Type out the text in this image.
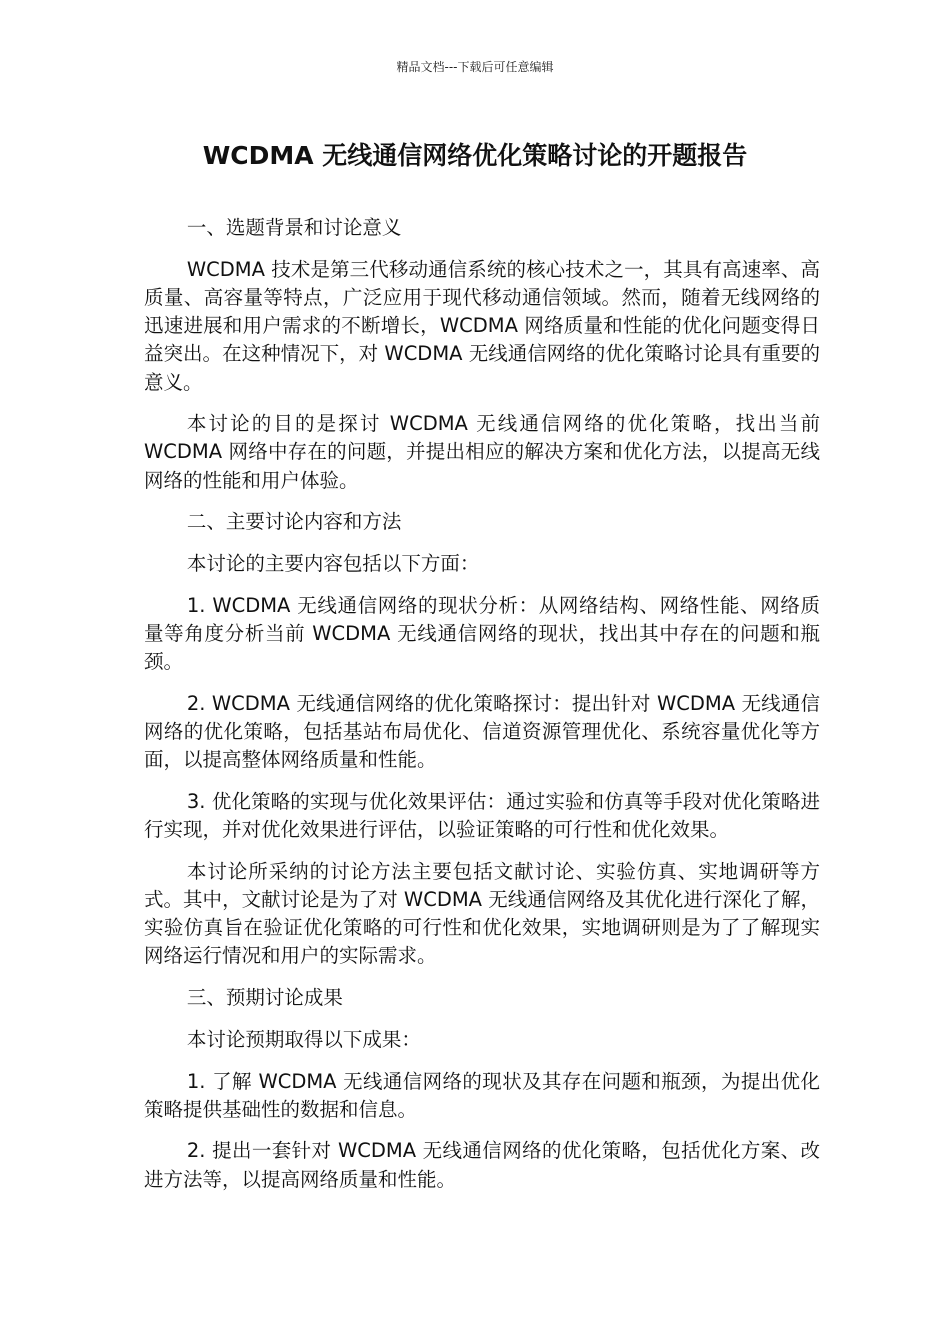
精品文档---下载后可任意编辑
WCDMA 无线通信网络优化策略讨论的开题报告

一、选题背景和讨论意义

WCDMA 技术是第三代移动通信系统的核心技术之一，其具有高速率、高质量、高容量等特点，广泛应用于现代移动通信领域。然而，随着无线网络的迅速进展和用户需求的不断增长，WCDMA 网络质量和性能的优化问题变得日益突出。在这种情况下，对 WCDMA 无线通信网络的优化策略讨论具有重要的意义。

本讨论的目的是探讨 WCDMA 无线通信网络的优化策略，找出当前 WCDMA 网络中存在的问题，并提出相应的解决方案和优化方法，以提高无线网络的性能和用户体验。

二、主要讨论内容和方法

本讨论的主要内容包括以下方面：

1. WCDMA 无线通信网络的现状分析：从网络结构、网络性能、网络质量等角度分析当前 WCDMA 无线通信网络的现状，找出其中存在的问题和瓶颈。

2. WCDMA 无线通信网络的优化策略探讨：提出针对 WCDMA 无线通信网络的优化策略，包括基站布局优化、信道资源管理优化、系统容量优化等方面，以提高整体网络质量和性能。

3. 优化策略的实现与优化效果评估：通过实验和仿真等手段对优化策略进行实现，并对优化效果进行评估，以验证策略的可行性和优化效果。

本讨论所采纳的讨论方法主要包括文献讨论、实验仿真、实地调研等方式。其中，文献讨论是为了对 WCDMA 无线通信网络及其优化进行深化了解，实验仿真旨在验证优化策略的可行性和优化效果，实地调研则是为了了解现实网络运行情况和用户的实际需求。

三、预期讨论成果

本讨论预期取得以下成果：

1. 了解 WCDMA 无线通信网络的现状及其存在问题和瓶颈，为提出优化策略提供基础性的数据和信息。

2. 提出一套针对 WCDMA 无线通信网络的优化策略，包括优化方案、改进方法等，以提高网络质量和性能。
